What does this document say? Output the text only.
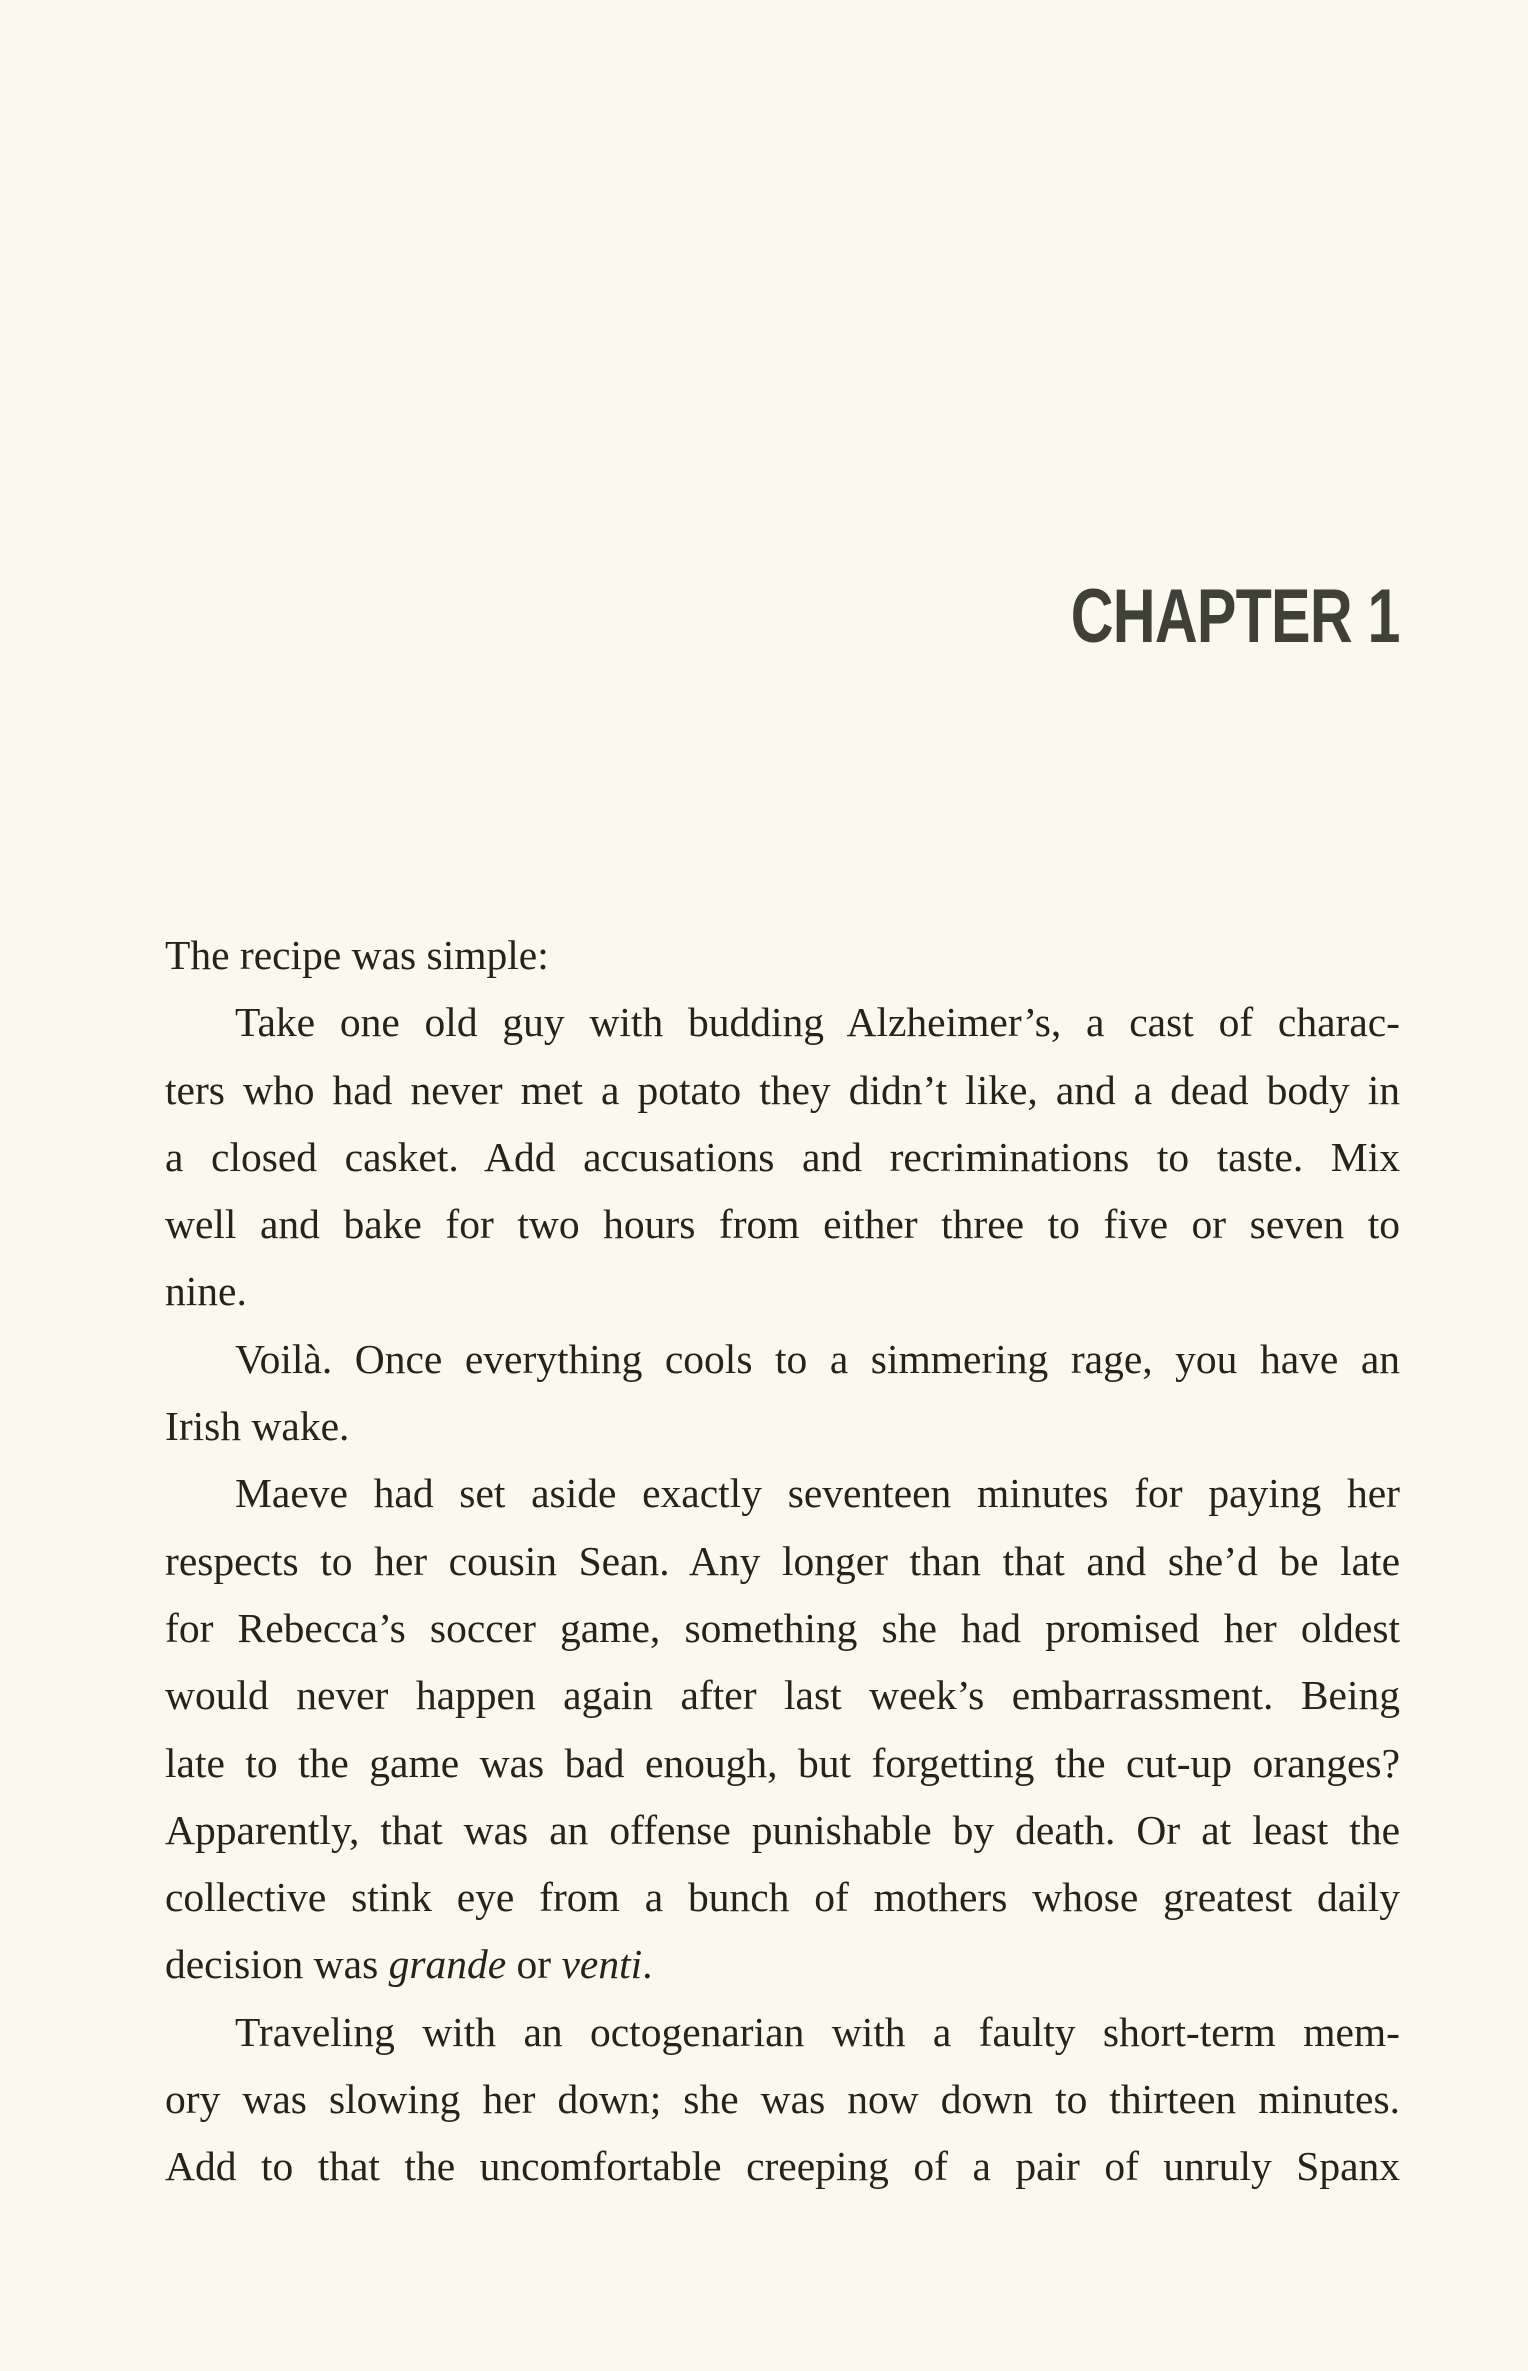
CHAPTER 1
The recipe was simple:
Take one old guy with budding Alzheimer’s, a cast of charac-
ters who had never met a potato they didn’t like, and a dead body in
a closed casket. Add accusations and recriminations to taste. Mix
well and bake for two hours from either three to five or seven to
nine.
Voilà. Once everything cools to a simmering rage, you have an
Irish wake.
Maeve had set aside exactly seventeen minutes for paying her
respects to her cousin Sean. Any longer than that and she’d be late
for Rebecca’s soccer game, something she had promised her oldest
would never happen again after last week’s embarrassment. Being
late to the game was bad enough, but forgetting the cut-up oranges?
Apparently, that was an offense punishable by death. Or at least the
collective stink eye from a bunch of mothers whose greatest daily
decision was grande or venti.
Traveling with an octogenarian with a faulty short-term mem-
ory was slowing her down; she was now down to thirteen minutes.
Add to that the uncomfortable creeping of a pair of unruly Spanx
